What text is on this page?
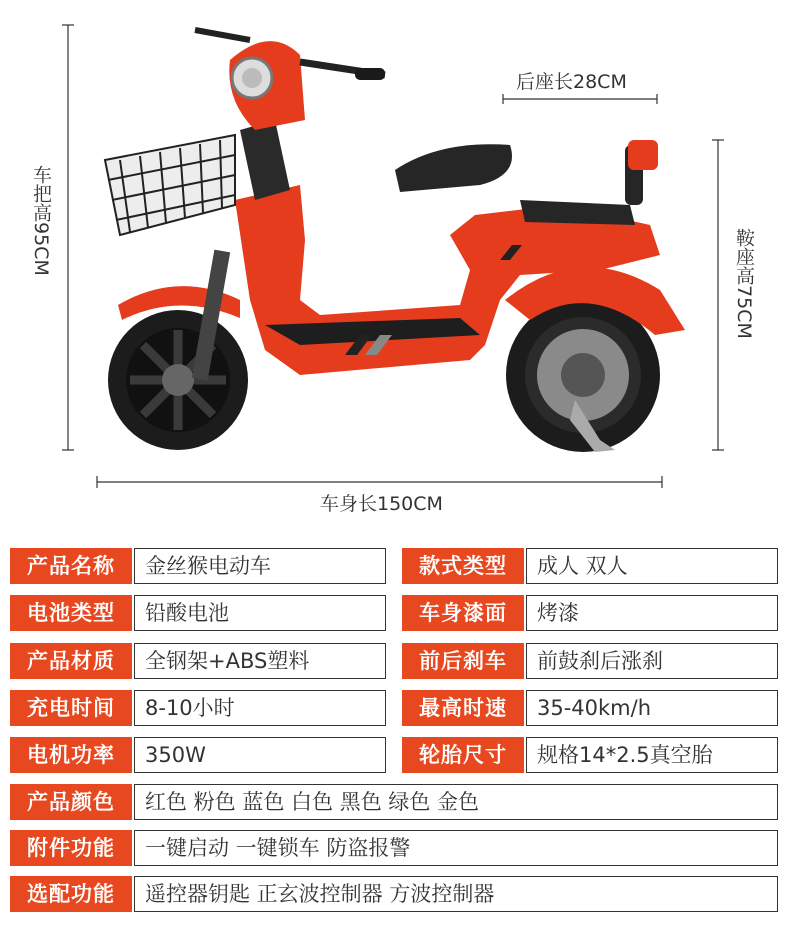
后座长28CM
车身长150CM
车把高95CM
鞍座高75CM
产品名称	金丝猴电动车	款式类型	成人 双人
电池类型	铅酸电池	车身漆面	烤漆
产品材质	全钢架+ABS塑料	前后刹车	前鼓刹后涨刹
充电时间	8-10小时	最高时速	35-40km/h
电机功率	350W	轮胎尺寸	规格14*2.5真空胎
产品颜色	红色 粉色 蓝色 白色 黑色 绿色 金色
附件功能	一键启动 一键锁车 防盗报警
选配功能	遥控器钥匙 正玄波控制器 方波控制器
